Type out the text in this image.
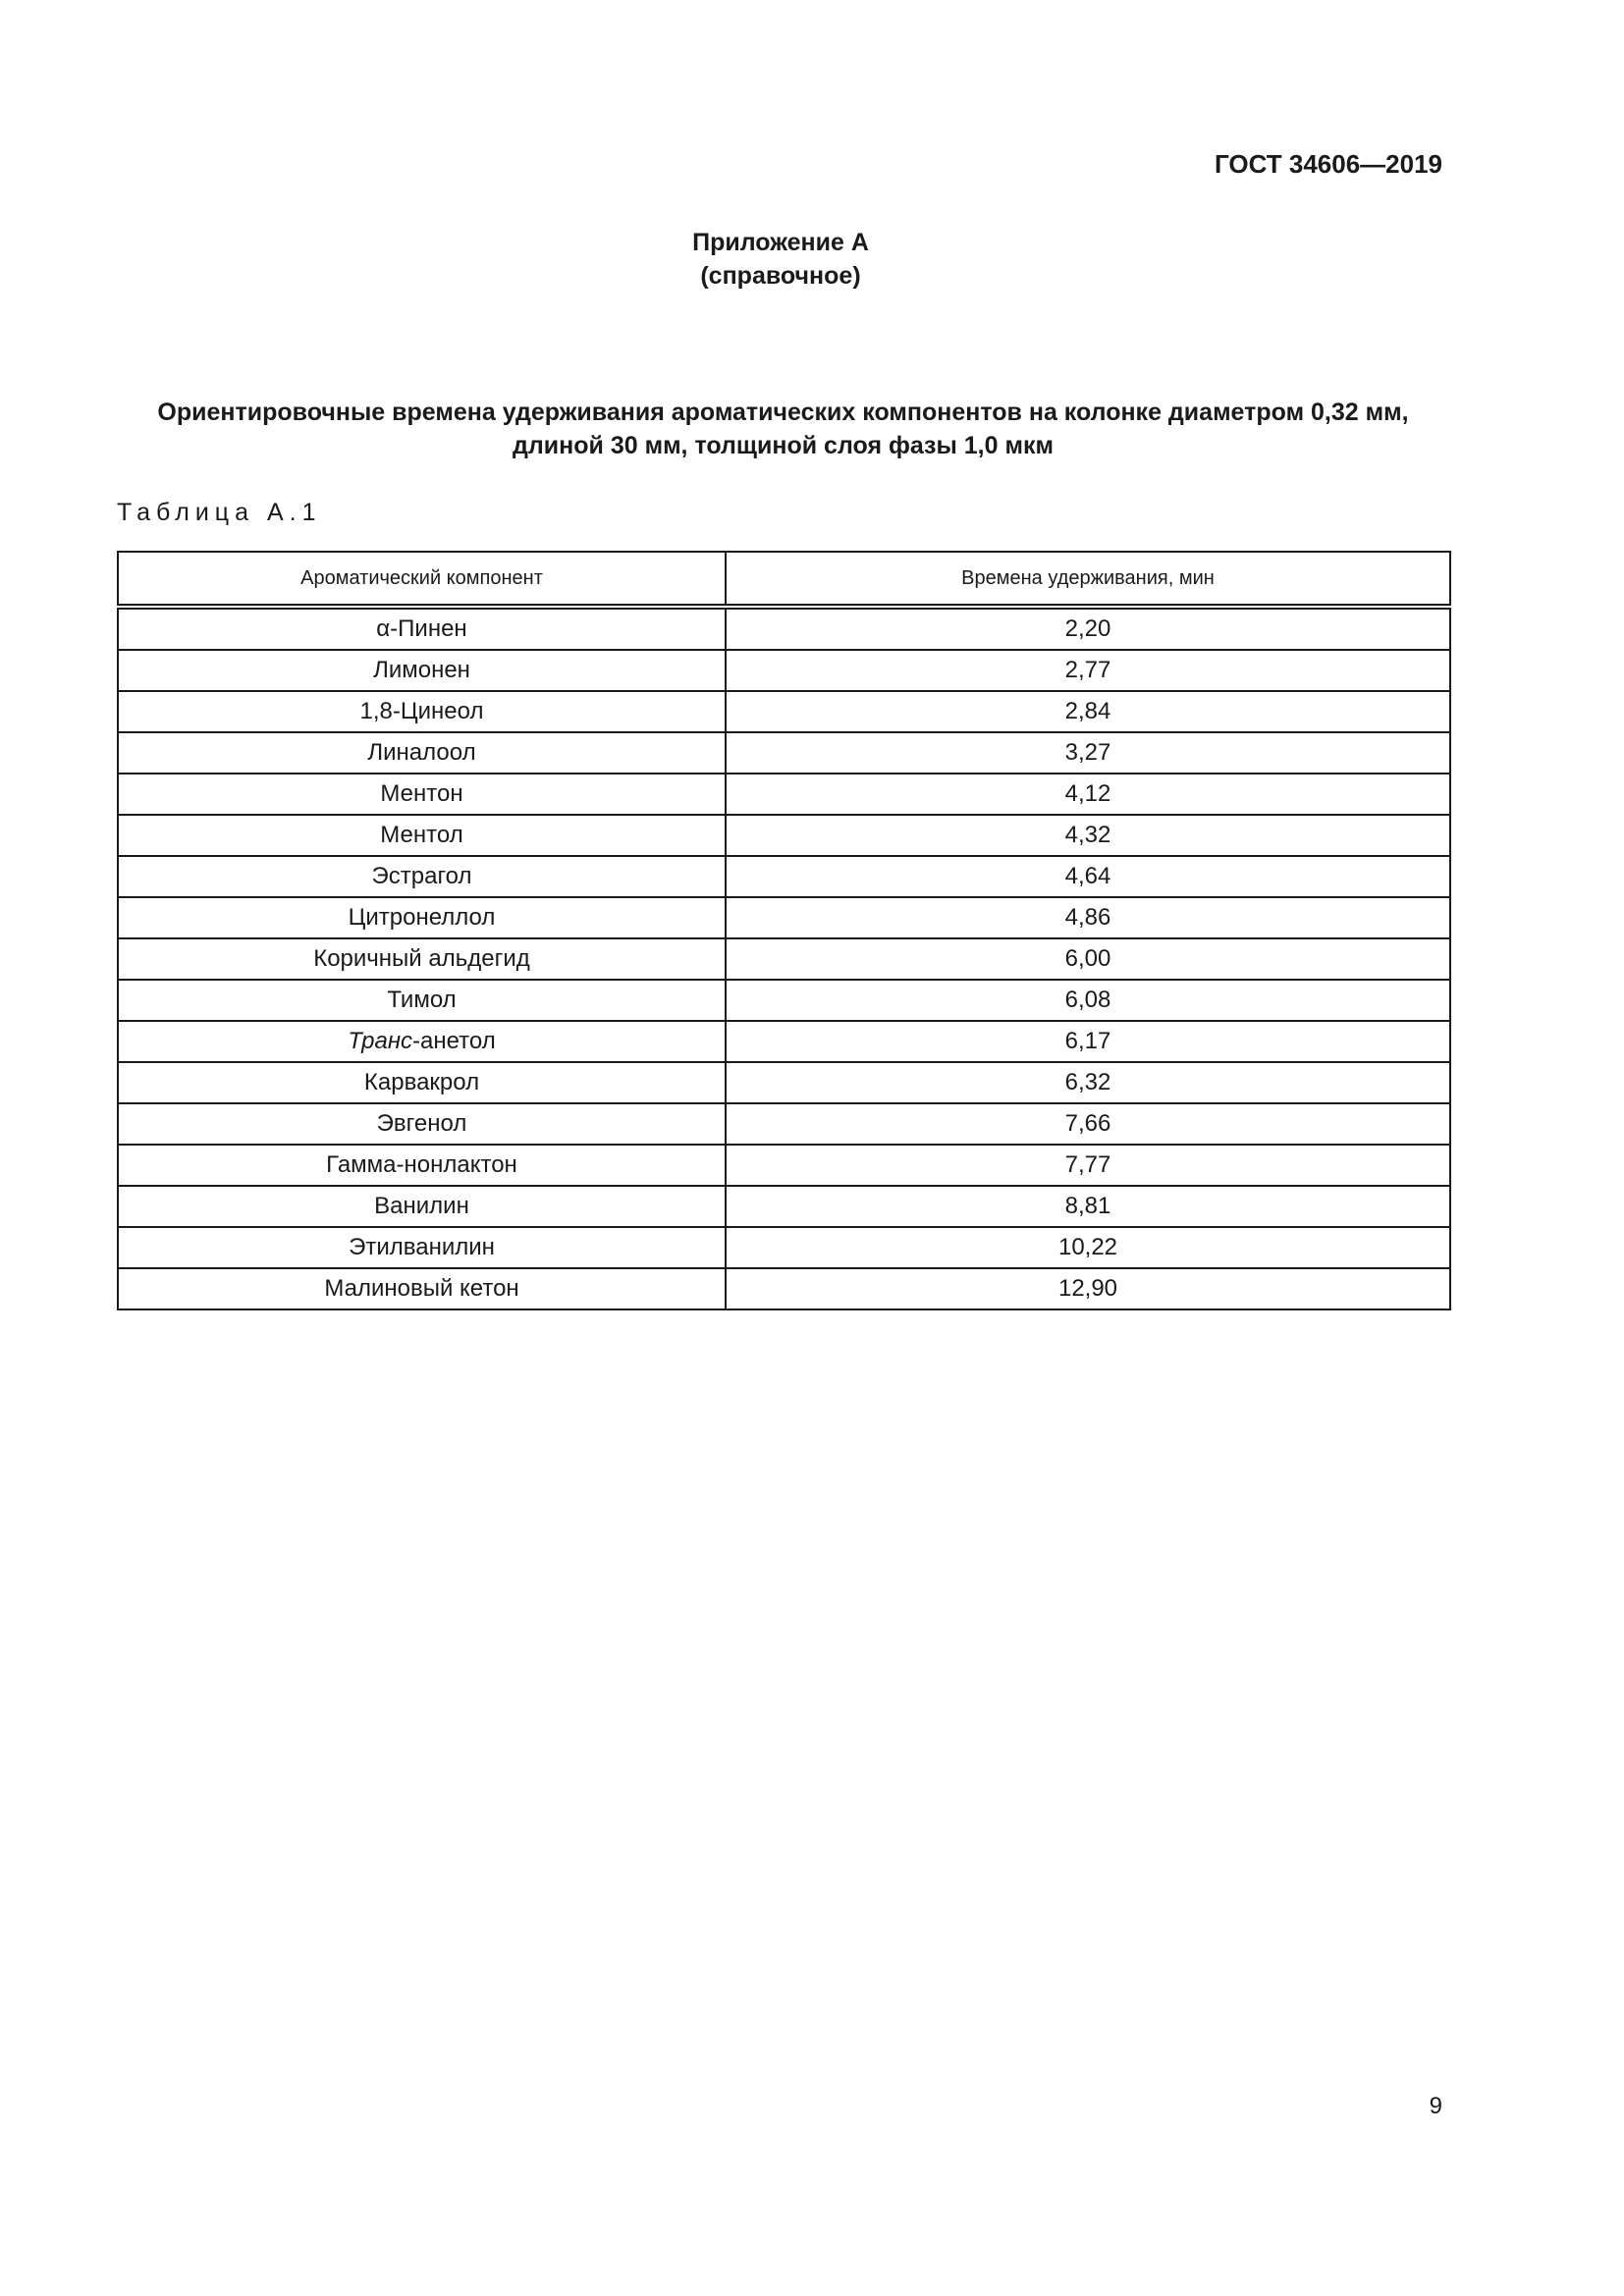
ГОСТ 34606—2019
Приложение А
(справочное)
Ориентировочные времена удерживания ароматических компонентов на колонке диаметром 0,32 мм,
длиной 30 мм, толщиной слоя фазы 1,0 мкм
Таблица А.1
Ароматический компонент	Времена удерживания, мин
α-Пинен	2,20
Лимонен	2,77
1,8-Цинеол	2,84
Линалоол	3,27
Ментон	4,12
Ментол	4,32
Эстрагол	4,64
Цитронеллол	4,86
Коричный альдегид	6,00
Тимол	6,08
Транс-анетол	6,17
Карвакрол	6,32
Эвгенол	7,66
Гамма-нонлактон	7,77
Ванилин	8,81
Этилванилин	10,22
Малиновый кетон	12,90
9
